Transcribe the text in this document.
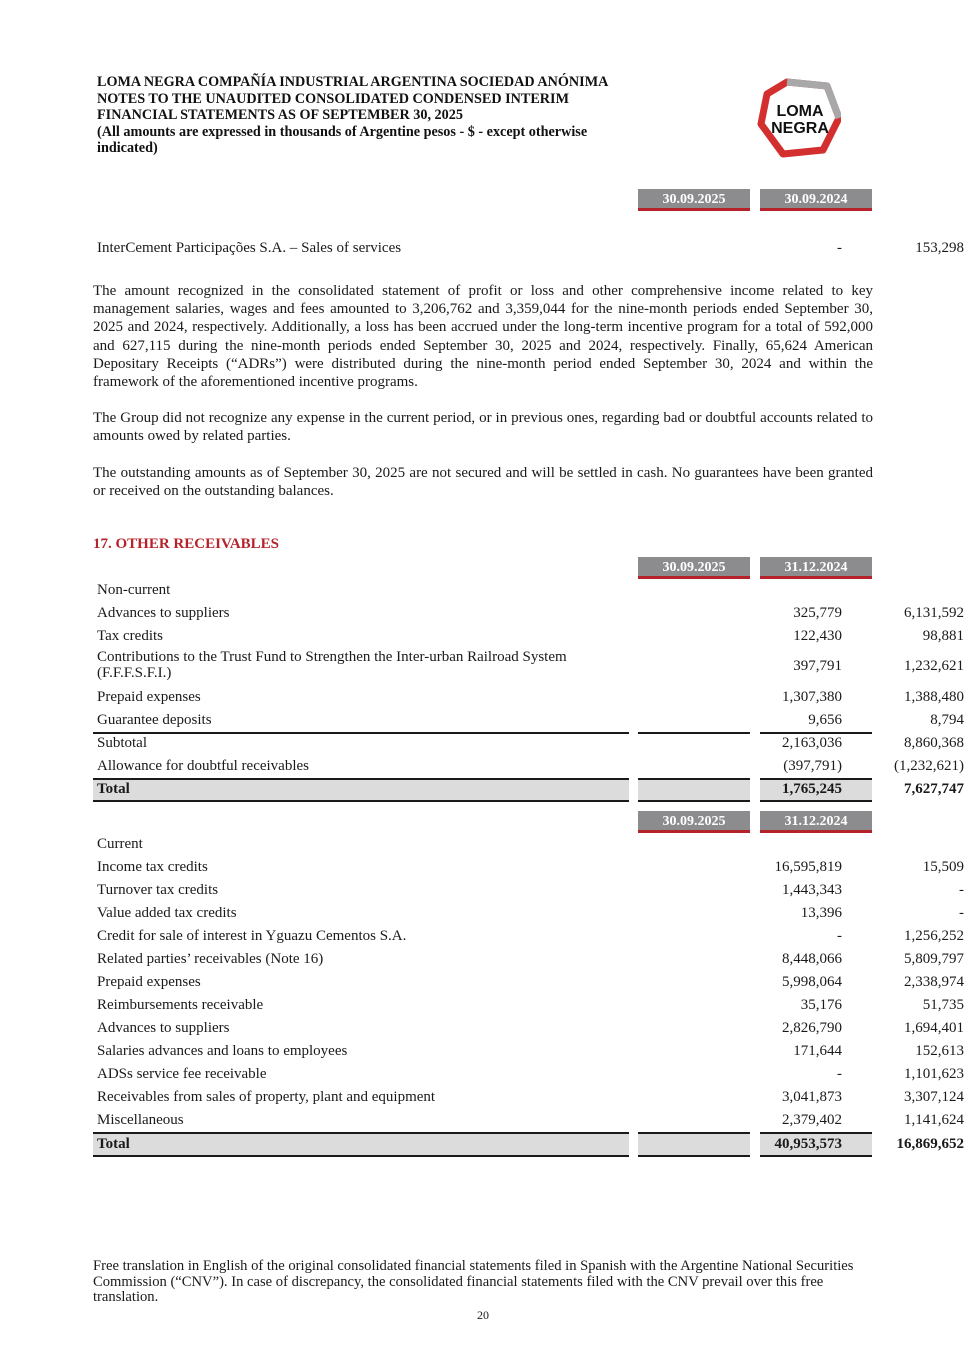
LOMA NEGRA COMPAÑÍA INDUSTRIAL ARGENTINA SOCIEDAD ANÓNIMA
NOTES TO THE UNAUDITED CONSOLIDATED CONDENSED INTERIM
FINANCIAL STATEMENTS AS OF SEPTEMBER 30, 2025
(All amounts are expressed in thousands of Argentine pesos - $ - except otherwise
indicated)
LOMA
NEGRA
30.09.2025	30.09.2024
InterCement Participações S.A. – Sales of services	-	153,298

The amount recognized in the consolidated statement of profit or loss and other comprehensive income related to key management salaries, wages and fees amounted to 3,206,762 and 3,359,044 for the nine-month periods ended September 30, 2025 and 2024, respectively. Additionally, a loss has been accrued under the long-term incentive program for a total of 592,000 and 627,115 during the nine-month periods ended September 30, 2025 and 2024, respectively. Finally, 65,624 American Depositary Receipts (“ADRs”) were distributed during the nine-month period ended September 30, 2024 and within the framework of the aforementioned incentive programs.

The Group did not recognize any expense in the current period, or in previous ones, regarding bad or doubtful accounts related to amounts owed by related parties.

The outstanding amounts as of September 30, 2025 are not secured and will be settled in cash. No guarantees have been granted or received on the outstanding balances.

17. OTHER RECEIVABLES
30.09.2025	31.12.2024
Non-current
Advances to suppliers	325,779	6,131,592
Tax credits	122,430	98,881
Contributions to the Trust Fund to Strengthen the Inter-urban Railroad System
(F.F.F.S.F.I.)	397,791	1,232,621
Prepaid expenses	1,307,380	1,388,480
Guarantee deposits	9,656	8,794
Subtotal	2,163,036	8,860,368
Allowance for doubtful receivables	(397,791)	(1,232,621)
Total	1,765,245	7,627,747
30.09.2025	31.12.2024
Current
Income tax credits	16,595,819	15,509
Turnover tax credits	1,443,343	-
Value added tax credits	13,396	-
Credit for sale of interest in Yguazu Cementos S.A.	-	1,256,252
Related parties’ receivables (Note 16)	8,448,066	5,809,797
Prepaid expenses	5,998,064	2,338,974
Reimbursements receivable	35,176	51,735
Advances to suppliers	2,826,790	1,694,401
Salaries advances and loans to employees	171,644	152,613
ADSs service fee receivable	-	1,101,623
Receivables from sales of property, plant and equipment	3,041,873	3,307,124
Miscellaneous	2,379,402	1,141,624
Total	40,953,573	16,869,652
Free translation in English of the original consolidated financial statements filed in Spanish with the Argentine National Securities Commission (“CNV”). In case of discrepancy, the consolidated financial statements filed with the CNV prevail over this free translation.
20
